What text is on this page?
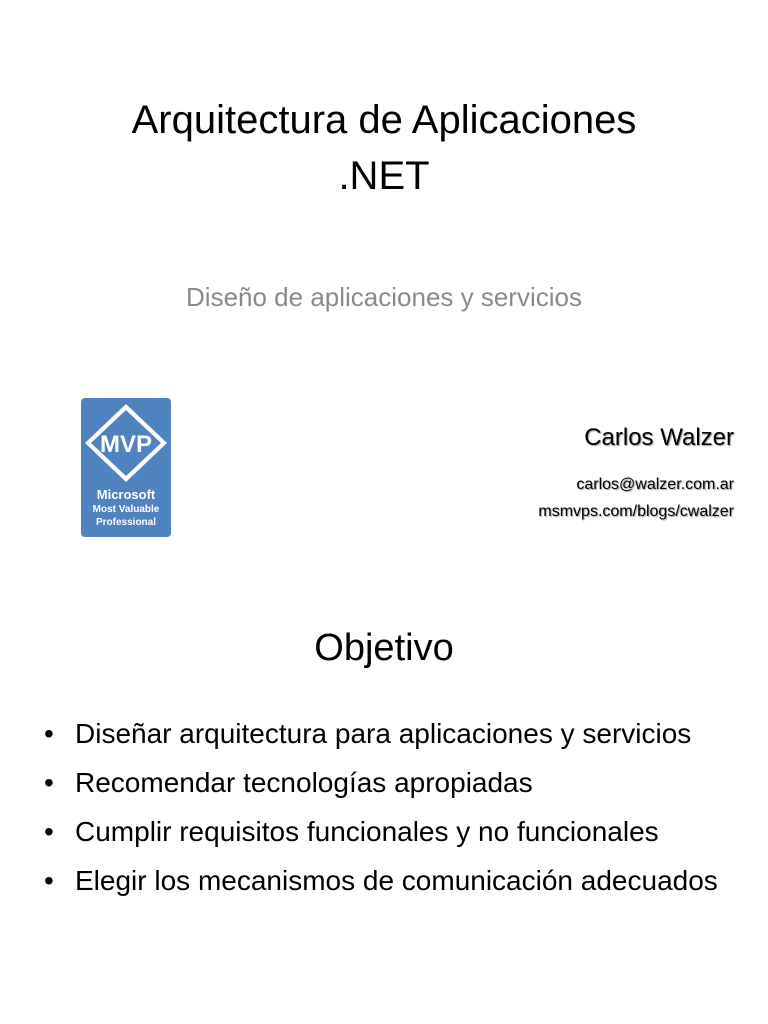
Arquitectura de Aplicaciones
.NET

Diseño de aplicaciones y servicios

MVP
Microsoft
Most Valuable
Professional

Carlos Walzer

carlos@walzer.com.ar
msmvps.com/blogs/cwalzer
Objetivo
• Diseñar arquitectura para aplicaciones y servicios
• Recomendar tecnologías apropiadas
• Cumplir requisitos funcionales y no funcionales
• Elegir los mecanismos de comunicación adecuados
